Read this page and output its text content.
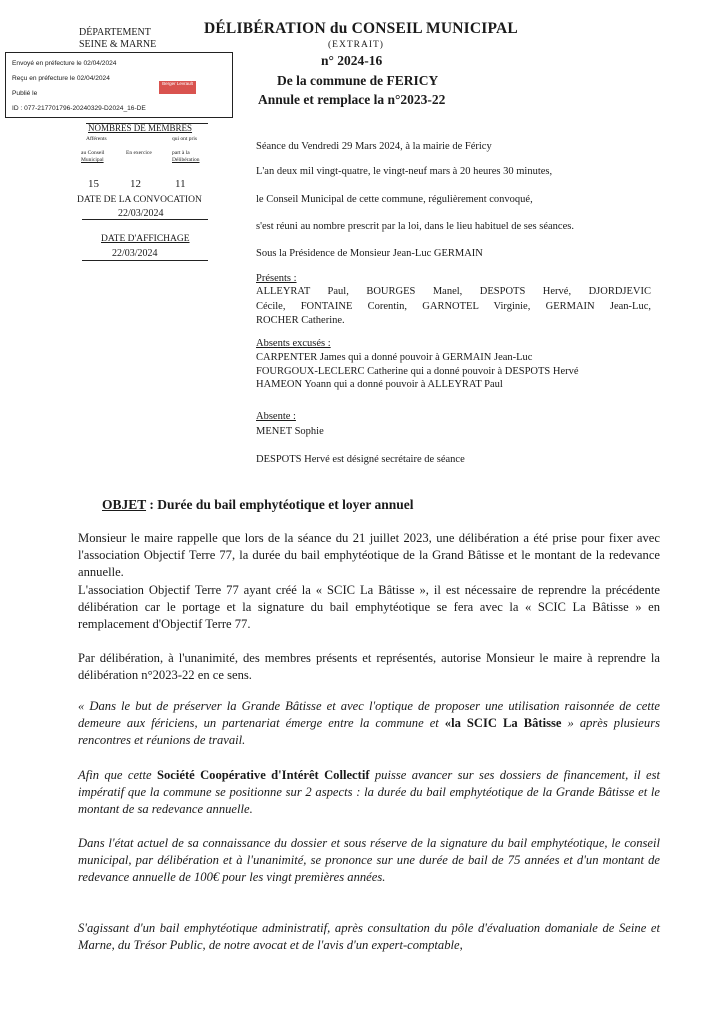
DÉPARTEMENT
SEINE & MARNE
Envoyé en préfecture le 02/04/2024
Reçu en préfecture le 02/04/2024
Publié le
ID : 077-217701796-20240329-D2024_16-DE
Berger Levrault
DÉLIBÉRATION du CONSEIL MUNICIPAL
(EXTRAIT)
n° 2024-16
De la commune de FERICY
Annule et remplace la n°2023-22
NOMBRES DE MEMBRES
Afférents
au Conseil
Municipal
En exercice
qui ont pris
part à la
Délibération
15	12	11
DATE DE LA CONVOCATION
22/03/2024
DATE D'AFFICHAGE
22/03/2024
Séance du Vendredi 29 Mars 2024, à la mairie de Féricy
L'an deux mil vingt-quatre, le vingt-neuf mars à 20 heures 30 minutes,
le Conseil Municipal de cette commune, régulièrement convoqué,
s'est réuni au nombre prescrit par la loi, dans le lieu habituel de ses séances.
Sous la Présidence de Monsieur Jean-Luc GERMAIN
Présents :
ALLEYRAT Paul, BOURGES Manel, DESPOTS Hervé, DJORDJEVIC
Cécile, FONTAINE Corentin, GARNOTEL Virginie, GERMAIN Jean-Luc,
ROCHER Catherine.
Absents excusés :
CARPENTER James qui a donné pouvoir à GERMAIN Jean-Luc
FOURGOUX-LECLERC Catherine qui a donné pouvoir à DESPOTS Hervé
HAMEON Yoann qui a donné pouvoir à ALLEYRAT Paul
Absente :
MENET Sophie
DESPOTS Hervé est désigné secrétaire de séance
OBJET : Durée du bail emphytéotique et loyer annuel
Monsieur le maire rappelle que lors de la séance du 21 juillet 2023, une délibération a été prise pour fixer avec l'association Objectif Terre 77, la durée du bail emphytéotique de la Grand Bâtisse et le montant de la redevance annuelle.
L'association Objectif Terre 77 ayant créé la « SCIC La Bâtisse », il est nécessaire de reprendre la précédente délibération car le portage et la signature du bail emphytéotique se fera avec la « SCIC La Bâtisse » en remplacement d'Objectif Terre 77.
Par délibération, à l'unanimité, des membres présents et représentés, autorise Monsieur le maire à reprendre la délibération n°2023-22 en ce sens.
« Dans le but de préserver la Grande Bâtisse et avec l'optique de proposer une utilisation raisonnée de cette demeure aux fériciens, un partenariat émerge entre la commune et «la SCIC La Bâtisse » après plusieurs rencontres et réunions de travail.
Afin que cette Société Coopérative d'Intérêt Collectif puisse avancer sur ses dossiers de financement, il est impératif que la commune se positionne sur 2 aspects : la durée du bail emphytéotique de la Grande Bâtisse et le montant de sa redevance annuelle.
Dans l'état actuel de sa connaissance du dossier et sous réserve de la signature du bail emphytéotique, le conseil municipal, par délibération et à l'unanimité, se prononce sur une durée de bail de 75 années et d'un montant de redevance annuelle de 100€ pour les vingt premières années.
S'agissant d'un bail emphytéotique administratif, après consultation du pôle d'évaluation domaniale de Seine et Marne, du Trésor Public, de notre avocat et de l'avis d'un expert-comptable,
